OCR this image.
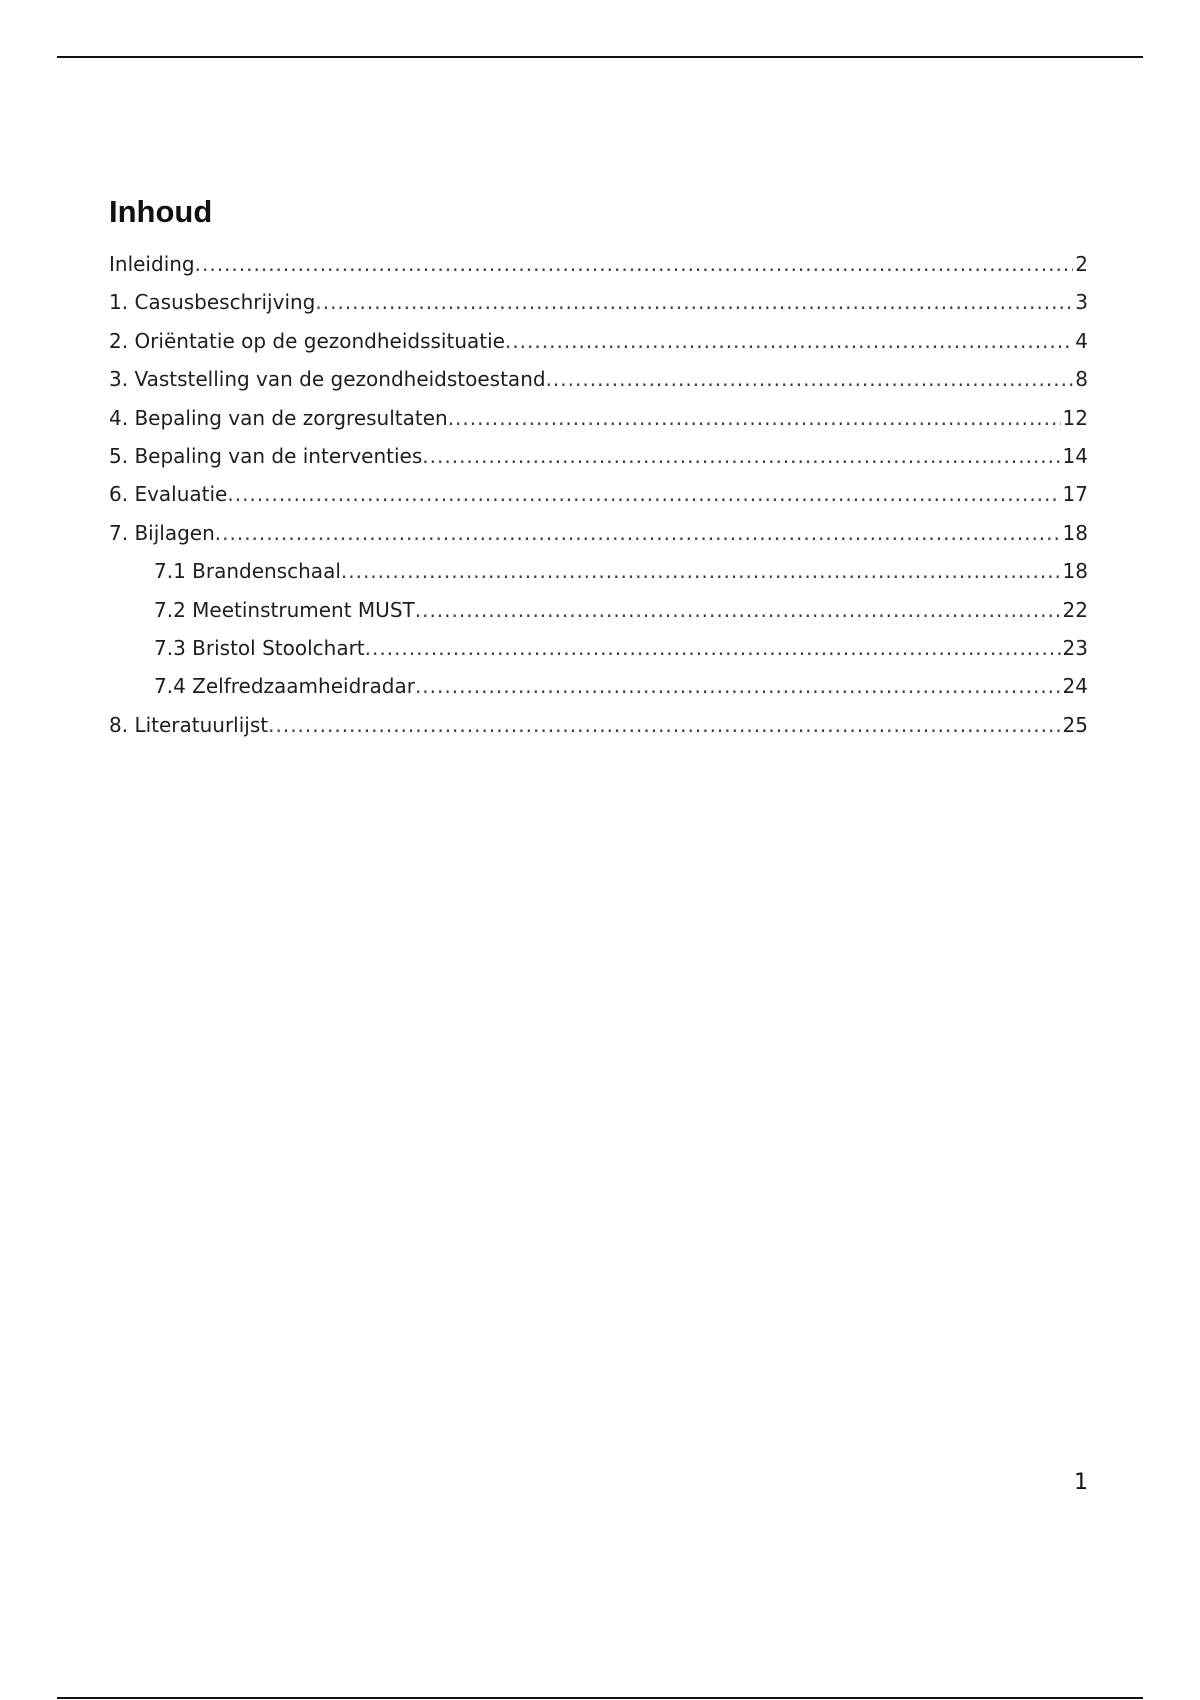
Inhoud
Inleiding .....	2
1. Casusbeschrijving .....	3
2. Oriëntatie op de gezondheidssituatie .....	4
3. Vaststelling van de gezondheidstoestand .....	8
4. Bepaling van de zorgresultaten .....	12
5. Bepaling van de interventies .....	14
6. Evaluatie .....	17
7. Bijlagen .....	18
7.1 Brandenschaal .....	18
7.2 Meetinstrument MUST .....	22
7.3 Bristol Stoolchart .....	23
7.4 Zelfredzaamheidradar .....	24
8. Literatuurlijst .....	25
1
